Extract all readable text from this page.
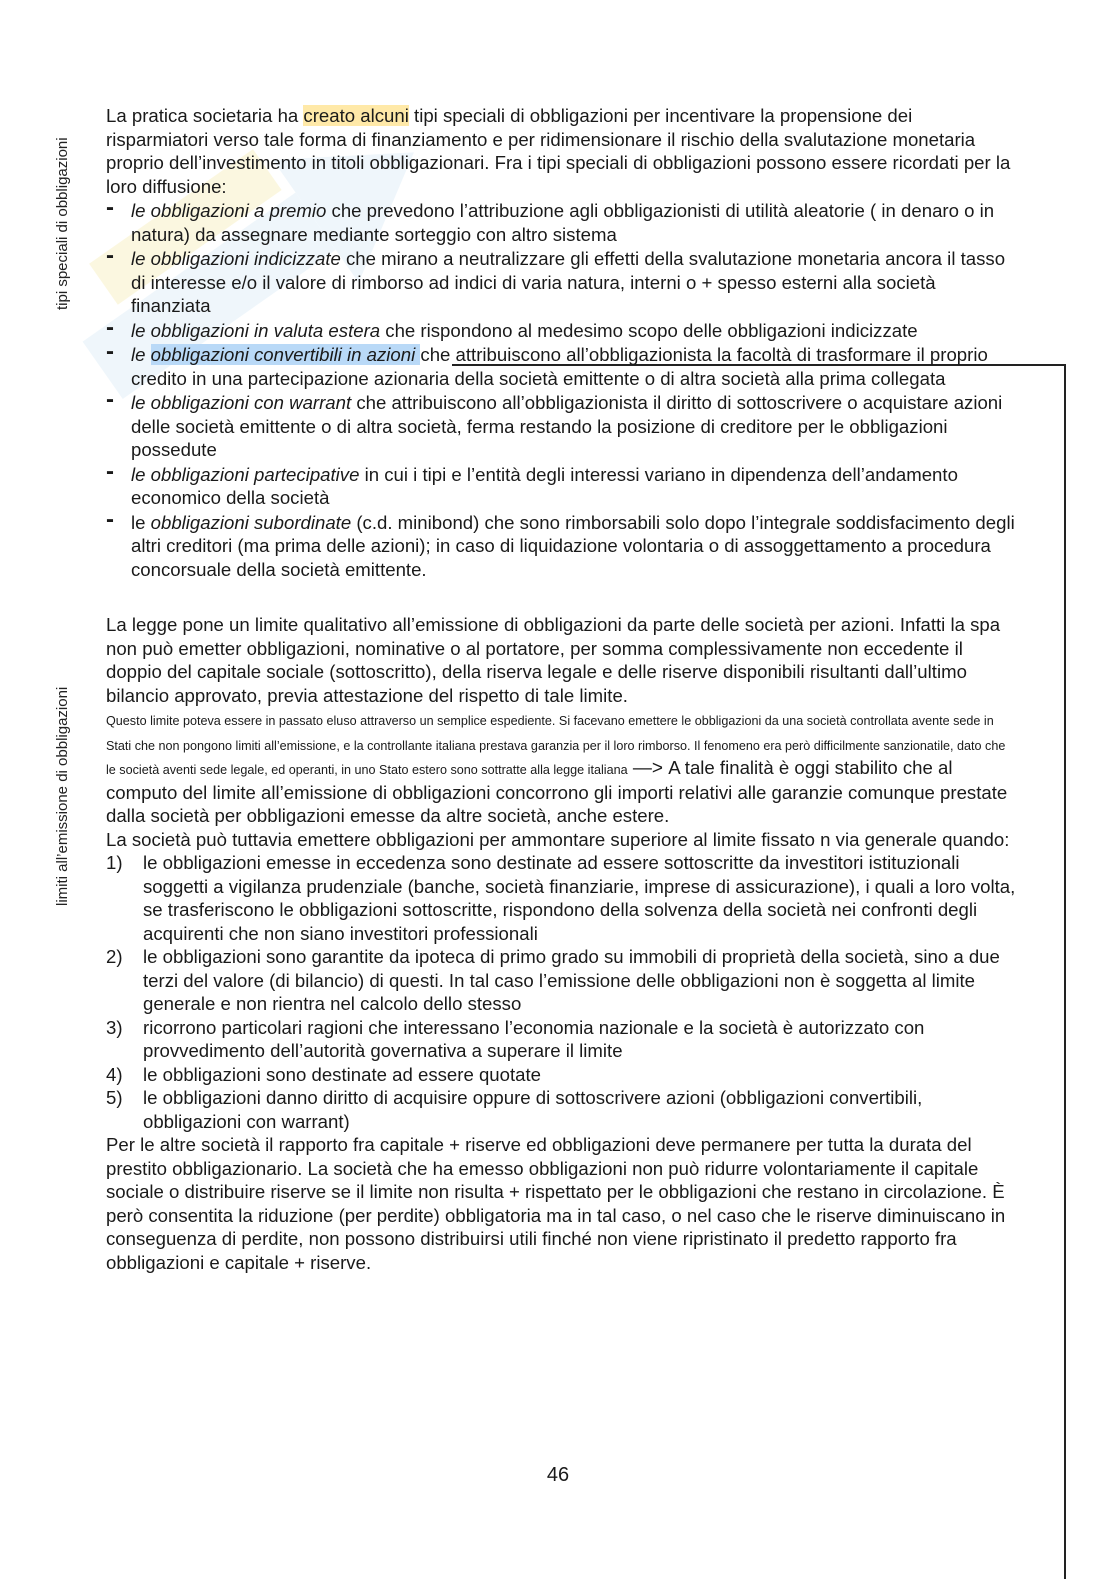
tipi speciali di obbligazioni
limiti all’emissione di obbligazioni

La pratica societaria ha creato alcuni tipi speciali di obbligazioni per incentivare la propensione dei risparmiatori verso tale forma di finanziamento e per ridimensionare il rischio della svalutazione monetaria proprio dell’investimento in titoli obbligazionari. Fra i tipi speciali di obbligazioni possono essere ricordati per la loro diffusione:

- le obbligazioni a premio che prevedono l’attribuzione agli obbligazionisti di utilità aleatorie ( in denaro o in natura) da assegnare mediante sorteggio con altro sistema
- le obbligazioni indicizzate che mirano a neutralizzare gli effetti della svalutazione monetaria ancora il tasso di interesse e/o il valore di rimborso ad indici di varia natura, interni o + spesso esterni alla società finanziata
- le obbligazioni in valuta estera che rispondono al medesimo scopo delle obbligazioni indicizzate
- le obbligazioni convertibili in azioni che attribuiscono all’obbligazionista la facoltà di trasformare il proprio credito in una partecipazione azionaria della società emittente o di altra società alla prima collegata
- le obbligazioni con warrant che attribuiscono all’obbligazionista il diritto di sottoscrivere o acquistare azioni delle società emittente o di altra società, ferma restando la posizione di creditore per le obbligazioni possedute
- le obbligazioni partecipative in cui i tipi e l’entità degli interessi variano in dipendenza dell’andamento economico della società
- le obbligazioni subordinate (c.d. minibond) che sono rimborsabili solo dopo l’integrale soddisfacimento degli altri creditori (ma prima delle azioni); in caso di liquidazione volontaria o di assoggettamento a procedura concorsuale della società emittente.

La legge pone un limite qualitativo all’emissione di obbligazioni da parte delle società per azioni. Infatti la spa non può emetter obbligazioni, nominative o al portatore, per somma complessivamente non eccedente il doppio del capitale sociale (sottoscritto), della riserva legale e delle riserve disponibili risultanti dall’ultimo bilancio approvato, previa attestazione del rispetto di tale limite.

Questo limite poteva essere in passato eluso attraverso un semplice espediente. Si facevano emettere le obbligazioni da una società controllata avente sede in Stati che non pongono limiti all’emissione, e la controllante italiana prestava garanzia per il loro rimborso. Il fenomeno era però difficilmente sanzionatile, dato che le società aventi sede legale, ed operanti, in uno Stato estero sono sottratte alla legge italiana —> A tale finalità è oggi stabilito che al computo del limite all’emissione di obbligazioni concorrono gli importi relativi alle garanzie comunque prestate dalla società per obbligazioni emesse da altre società, anche estere.

La società può tuttavia emettere obbligazioni per ammontare superiore al limite fissato n via generale quando:

1) le obbligazioni emesse in eccedenza sono destinate ad essere sottoscritte da investitori istituzionali soggetti a vigilanza prudenziale (banche, società finanziarie, imprese di assicurazione), i quali a loro volta, se trasferiscono le obbligazioni sottoscritte, rispondono della solvenza della società nei confronti degli acquirenti che non siano investitori professionali
2) le obbligazioni sono garantite da ipoteca di primo grado su immobili di proprietà della società, sino a due terzi del valore (di bilancio) di questi. In tal caso l’emissione delle obbligazioni non è soggetta al limite generale e non rientra nel calcolo dello stesso
3) ricorrono particolari ragioni che interessano l’economia nazionale e la società è autorizzato con provvedimento dell’autorità governativa a superare il limite
4) le obbligazioni sono destinate ad essere quotate
5) le obbligazioni danno diritto di acquisire oppure di sottoscrivere azioni (obbligazioni convertibili, obbligazioni con warrant)

Per le altre società il rapporto fra capitale + riserve ed obbligazioni deve permanere per tutta la durata del prestito obbligazionario. La società che ha emesso obbligazioni non può ridurre volontariamente il capitale sociale o distribuire riserve se il limite non risulta + rispettato per le obbligazioni che restano in circolazione. È però consentita la riduzione (per perdite) obbligatoria ma in tal caso, o nel caso che le riserve diminuiscano in conseguenza di perdite, non possono distribuirsi utili finché non viene ripristinato il predetto rapporto fra obbligazioni e capitale + riserve.

46
